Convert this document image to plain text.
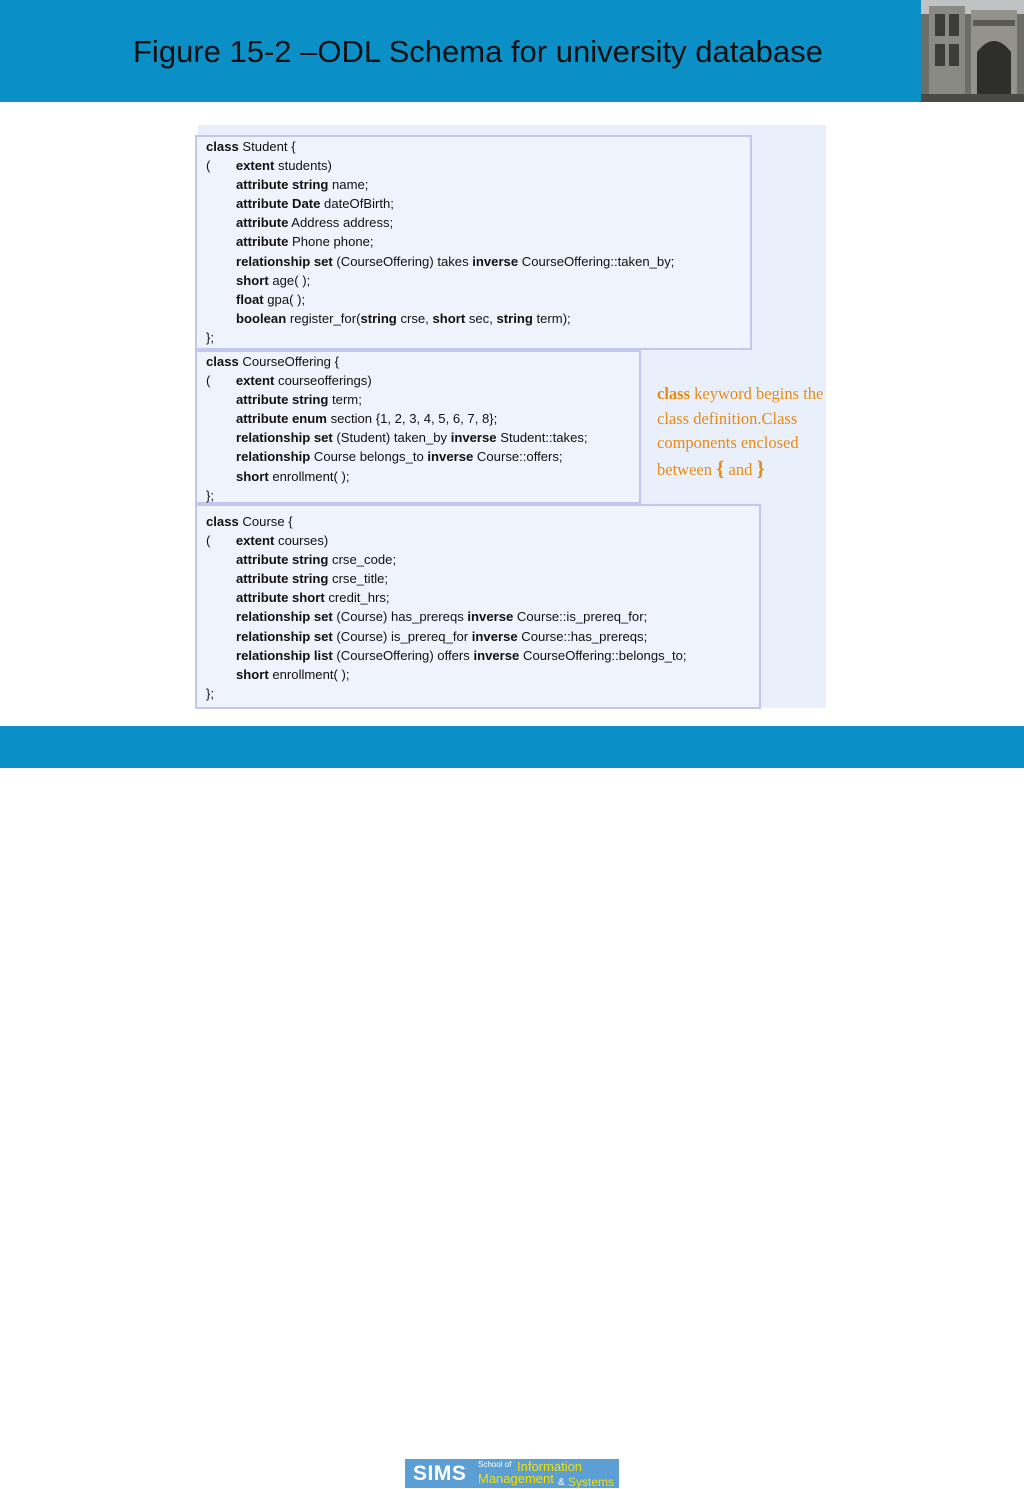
Figure 15-2 –ODL Schema for university database
class Student {
(       extent students)
attribute string name;
attribute Date dateOfBirth;
attribute Address address;
attribute Phone phone;
relationship set (CourseOffering) takes inverse CourseOffering::taken_by;
short age( );
float gpa( );
boolean register_for(string crse, short sec, string term);
};
class CourseOffering {
(       extent courseofferings)
attribute string term;
attribute enum section {1, 2, 3, 4, 5, 6, 7, 8};
relationship set (Student) taken_by inverse Student::takes;
relationship Course belongs_to inverse Course::offers;
short enrollment( );
};
class Course {
(       extent courses)
attribute string crse_code;
attribute string crse_title;
attribute short credit_hrs;
relationship set (Course) has_prereqs inverse Course::is_prereq_for;
relationship set (Course) is_prereq_for inverse Course::has_prereqs;
relationship list (CourseOffering) offers inverse CourseOffering::belongs_to;
short enrollment( );
};
class keyword begins the class definition.Class components enclosed between { and }
IS 257 – Spring 2004	SIMS School of Information
Management & Systems
2004.04.22 - SLIDE 31
